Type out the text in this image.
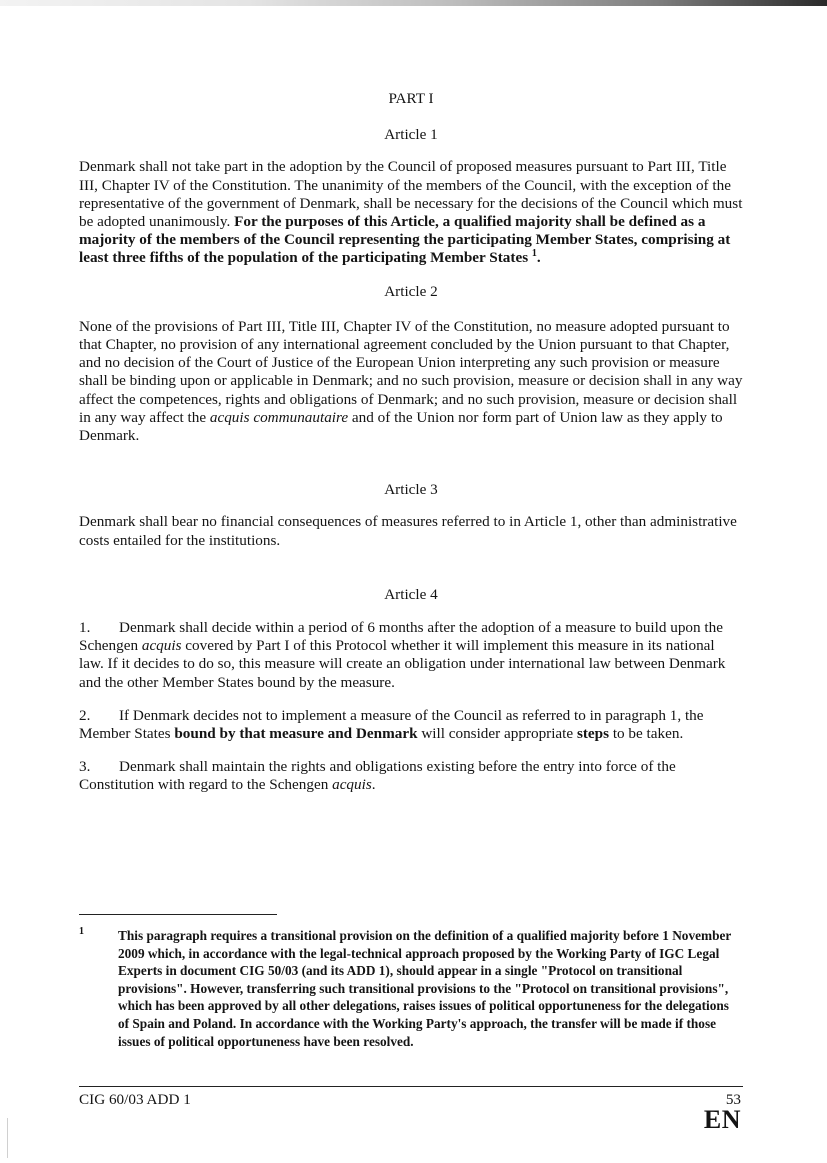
PART I
Article 1

Denmark shall not take part in the adoption by the Council of proposed measures pursuant to Part III, Title III, Chapter IV of the Constitution. The unanimity of the members of the Council, with the exception of the representative of the government of Denmark, shall be necessary for the decisions of the Council which must be adopted unanimously. For the purposes of this Article, a qualified majority shall be defined as a majority of the members of the Council representing the participating Member States, comprising at least three fifths of the population of the participating Member States $^1$.

Article 2

None of the provisions of Part III, Title III, Chapter IV of the Constitution, no measure adopted pursuant to that Chapter, no provision of any international agreement concluded by the Union pursuant to that Chapter, and no decision of the Court of Justice of the European Union interpreting any such provision or measure shall be binding upon or applicable in Denmark; and no such provision, measure or decision shall in any way affect the competences, rights and obligations of Denmark; and no such provision, measure or decision shall in any way affect the acquis communautaire and of the Union nor form part of Union law as they apply to Denmark.

Article 3

Denmark shall bear no financial consequences of measures referred to in Article 1, other than administrative costs entailed for the institutions.

Article 4

1. Denmark shall decide within a period of 6 months after the adoption of a measure to build upon the Schengen acquis covered by Part I of this Protocol whether it will implement this measure in its national law. If it decides to do so, this measure will create an obligation under international law between Denmark and the other Member States bound by the measure.

2. If Denmark decides not to implement a measure of the Council as referred to in paragraph 1, the Member States bound by that measure and Denmark will consider appropriate steps to be taken.

3. Denmark shall maintain the rights and obligations existing before the entry into force of the Constitution with regard to the Schengen acquis.

1	This paragraph requires a transitional provision on the definition of a qualified majority before 1 November 2009 which, in accordance with the legal-technical approach proposed by the Working Party of IGC Legal Experts in document CIG 50/03 (and its ADD 1), should appear in a single "Protocol on transitional provisions". However, transferring such transitional provisions to the "Protocol on transitional provisions", which has been approved by all other delegations, raises issues of political opportuneness for the delegations of Spain and Poland. In accordance with the Working Party's approach, the transfer will be made if those issues of political opportuneness have been resolved.
CIG 60/03 ADD 1	53
EN
